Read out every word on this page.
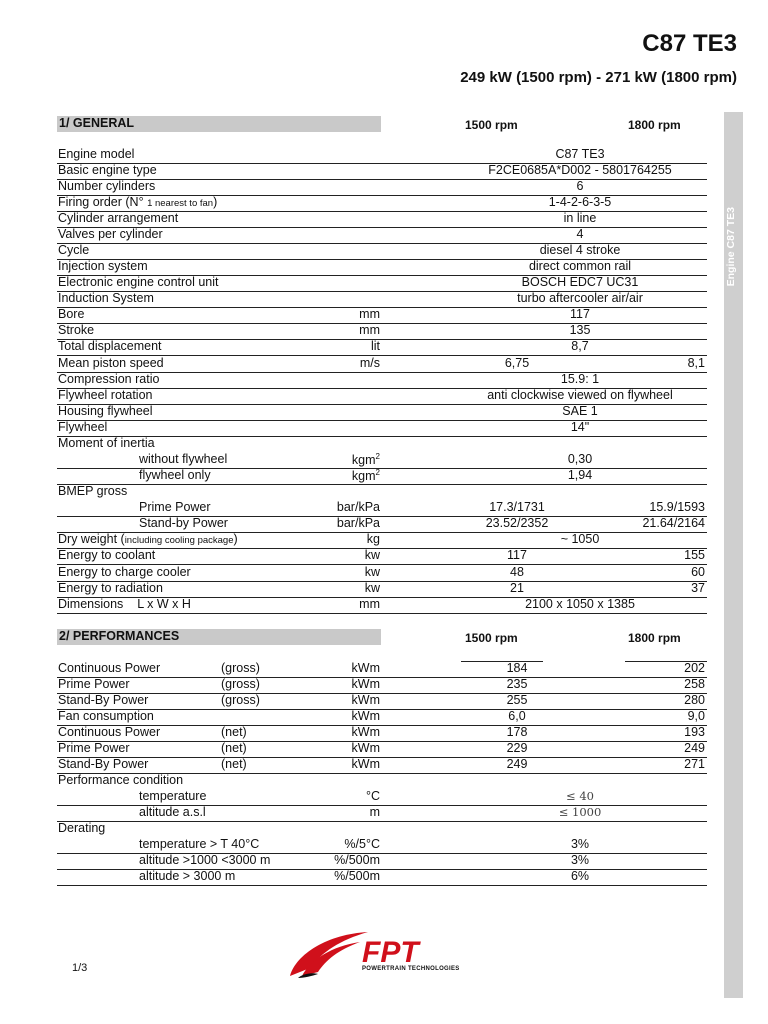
C87 TE3
249 kW (1500 rpm) - 271 kW (1800 rpm)
Engine C87 TE3
1/ GENERAL	1500 rpm	1800 rpm
Engine model	C87 TE3
Basic engine type	F2CE0685A*D002 - 5801764255
Number cylinders	6
Firing order (N° 1 nearest to fan)	1-4-2-6-3-5
Cylinder arrangement	in line
Valves per cylinder	4
Cycle	diesel 4 stroke
Injection system	direct common rail
Electronic engine control unit	BOSCH EDC7 UC31
Induction System	turbo aftercooler air/air
Bore	mm	117
Stroke	mm	135
Total displacement	lit	8,7
Mean piston speed	m/s	6,75	8,1
Compression ratio	15.9: 1
Flywheel rotation	anti clockwise viewed on flywheel
Housing flywheel	SAE 1
Flywheel	14"
Moment of inertia
without flywheel	kgm$^2$	0,30
flywheel only	kgm$^2$	1,94
BMEP gross
Prime Power	bar/kPa	17.3/1731	15.9/1593
Stand-by Power	bar/kPa	23.52/2352	21.64/2164
Dry weight (including cooling package)	kg	~ 1050
Energy to coolant	kw	117	155
Energy to charge cooler	kw	48	60
Energy to radiation	kw	21	37
Dimensions    L x W x H	mm	2100 x 1050 x 1385
2/ PERFORMANCES	1500 rpm	1800 rpm
Continuous Power	(gross)	kWm	184	202
Prime Power	(gross)	kWm	235	258
Stand-By Power	(gross)	kWm	255	280
Fan consumption	kWm	6,0	9,0
Continuous Power	(net)	kWm	178	193
Prime Power	(net)	kWm	229	249
Stand-By Power	(net)	kWm	249	271
Performance condition
temperature	°C	≤ 40
altitude a.s.l	m	≤ 1000
Derating
temperature > T 40°C	%/5°C	3%
altitude >1000 <3000 m	%/500m	3%
altitude > 3000 m	%/500m	6%
1/3	FPT
POWERTRAIN TECHNOLOGIES
